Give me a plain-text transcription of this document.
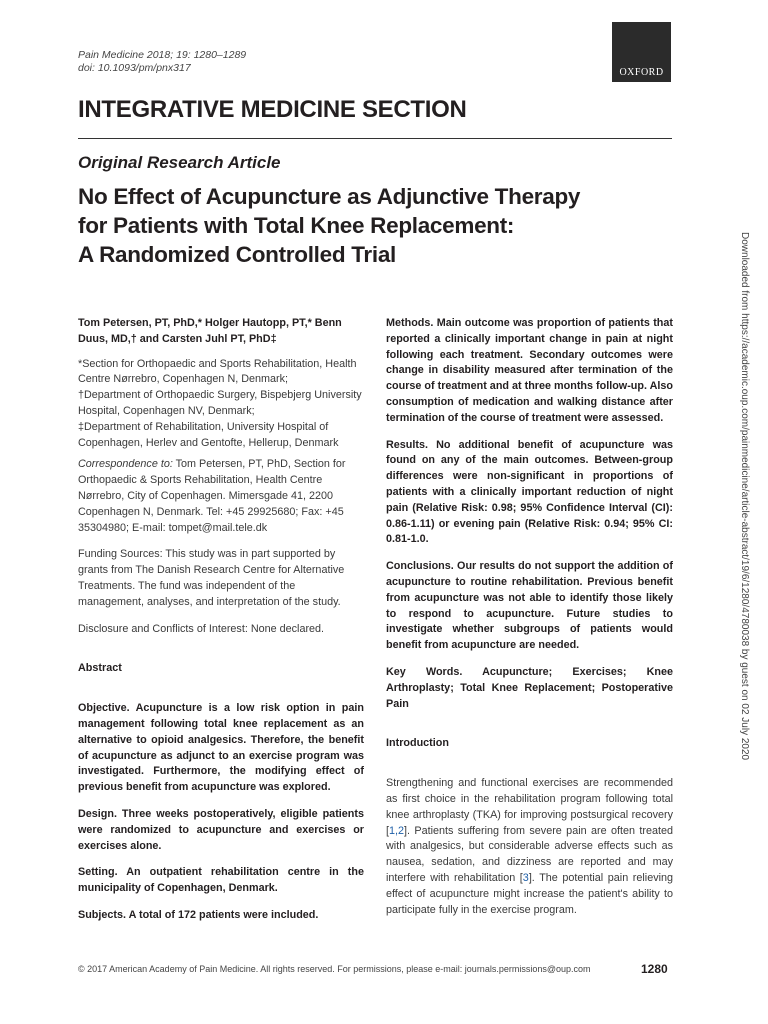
Pain Medicine 2018; 19: 1280–1289
doi: 10.1093/pm/pnx317	OXFORD
INTEGRATIVE MEDICINE SECTION
Original Research Article
No Effect of Acupuncture as Adjunctive Therapy
for Patients with Total Knee Replacement:
A Randomized Controlled Trial

Tom Petersen, PT, PhD,* Holger Hautopp, PT,* Benn Duus, MD,† and Carsten Juhl PT, PhD‡

*Section for Orthopaedic and Sports Rehabilitation, Health Centre Nørrebro, Copenhagen N, Denmark;

†Department of Orthopaedic Surgery, Bispebjerg University Hospital, Copenhagen NV, Denmark;

‡Department of Rehabilitation, University Hospital of Copenhagen, Herlev and Gentofte, Hellerup, Denmark

Correspondence to: Tom Petersen, PT, PhD, Section for Orthopaedic & Sports Rehabilitation, Health Centre Nørrebro, City of Copenhagen. Mimersgade 41, 2200 Copenhagen N, Denmark. Tel: +45 29925680; Fax: +45 35304980; E-mail: tompet@mail.tele.dk

Funding Sources: This study was in part supported by grants from The Danish Research Centre for Alternative Treatments. The fund was independent of the management, analyses, and interpretation of the study.

Disclosure and Conflicts of Interest: None declared.

Abstract

Objective. Acupuncture is a low risk option in pain management following total knee replacement as an alternative to opioid analgesics. Therefore, the benefit of acupuncture as adjunct to an exercise program was investigated. Furthermore, the modifying effect of previous benefit from acupuncture was explored.

Design. Three weeks postoperatively, eligible patients were randomized to acupuncture and exercises or exercises alone.

Setting. An outpatient rehabilitation centre in the municipality of Copenhagen, Denmark.

Subjects. A total of 172 patients were included.

Methods. Main outcome was proportion of patients that reported a clinically important change in pain at night following each treatment. Secondary outcomes were change in disability measured after termination of the course of treatment and at three months follow-up. Also consumption of medication and walking distance after termination of the course of treatment were assessed.

Results. No additional benefit of acupuncture was found on any of the main outcomes. Between-group differences were non-significant in proportions of patients with a clinically important reduction of night pain (Relative Risk: 0.98; 95% Confidence Interval (CI): 0.86-1.11) or evening pain (Relative Risk: 0.94; 95% CI: 0.81-1.0.

Conclusions. Our results do not support the addition of acupuncture to routine rehabilitation. Previous benefit from acupuncture was not able to identify those likely to respond to acupuncture. Future studies to investigate whether subgroups of patients would benefit from acupuncture are needed.

Key Words. Acupuncture; Exercises; Knee Arthroplasty; Total Knee Replacement; Postoperative Pain

Introduction

Strengthening and functional exercises are recommended as first choice in the rehabilitation program following total knee arthroplasty (TKA) for improving postsurgical recovery [1,2]. Patients suffering from severe pain are often treated with analgesics, but considerable adverse effects such as nausea, sedation, and dizziness are reported and may interfere with rehabilitation [3]. The potential pain relieving effect of acupuncture might increase the patient's ability to participate fully in the exercise program.

Downloaded from https://academic.oup.com/painmedicine/article-abstract/19/6/1280/4780038 by guest on 02 July 2020
© 2017 American Academy of Pain Medicine. All rights reserved. For permissions, please e-mail: journals.permissions@oup.com	1280
